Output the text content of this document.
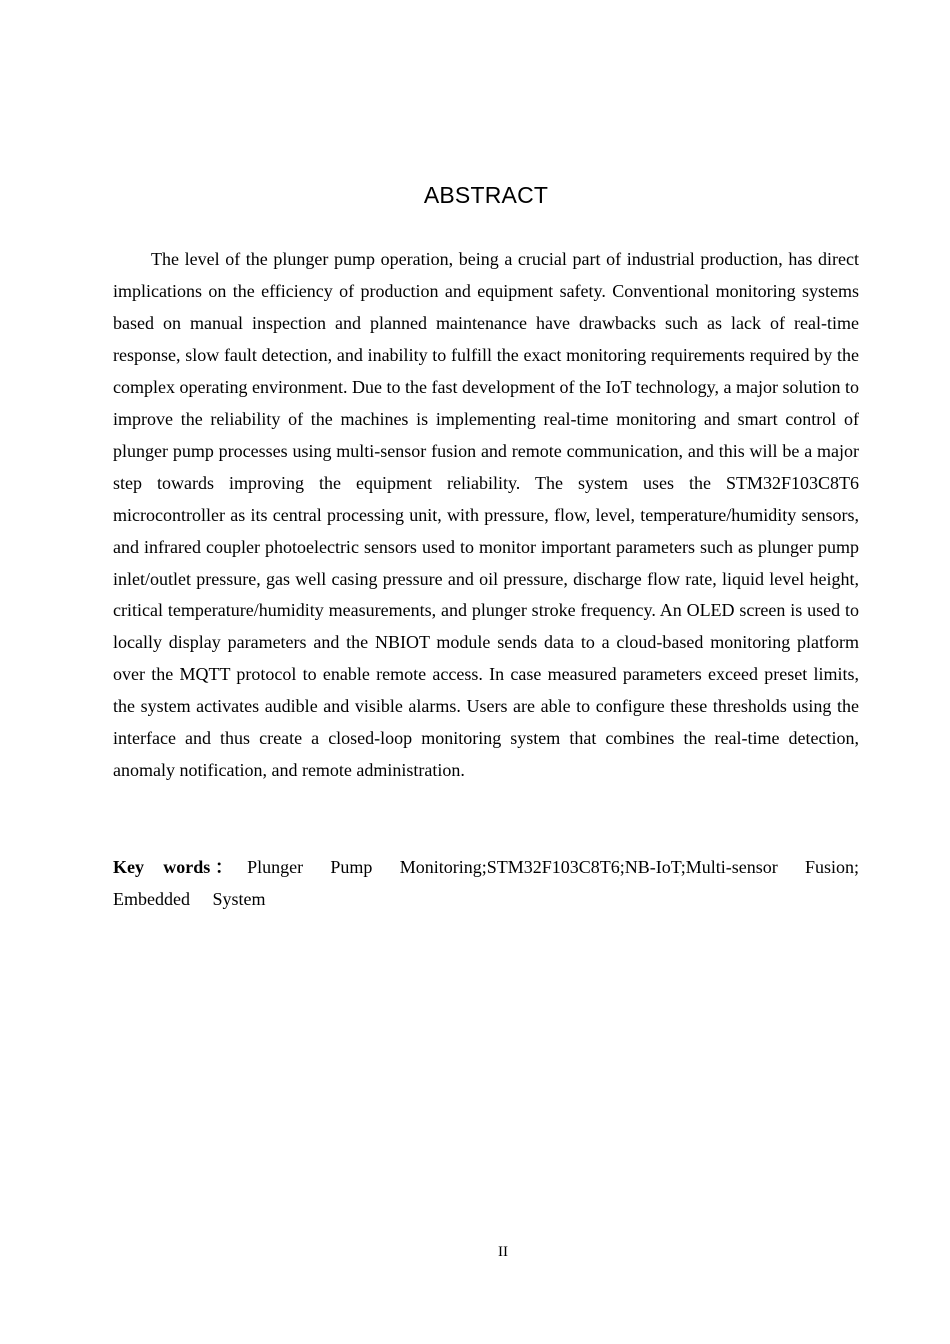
ABSTRACT

The level of the plunger pump operation, being a crucial part of industrial production, has direct implications on the efficiency of production and equipment safety. Conventional monitoring systems based on manual inspection and planned maintenance have drawbacks such as lack of real-time response, slow fault detection, and inability to fulfill the exact monitoring requirements required by the complex operating environment. Due to the fast development of the IoT technology, a major solution to improve the reliability of the machines is implementing real-time monitoring and smart control of plunger pump processes using multi-sensor fusion and remote communication, and this will be a major step towards improving the equipment reliability. The system uses the STM32F103C8T6 microcontroller as its central processing unit, with pressure, flow, level, temperature/humidity sensors, and infrared coupler photoelectric sensors used to monitor important parameters such as plunger pump inlet/outlet pressure, gas well casing pressure and oil pressure, discharge flow rate, liquid level height, critical temperature/humidity measurements, and plunger stroke frequency. An OLED screen is used to locally display parameters and the NBIOT module sends data to a cloud-based monitoring platform over the MQTT protocol to enable remote access. In case measured parameters exceed preset limits, the system activates audible and visible alarms. Users are able to configure these thresholds using the interface and thus create a closed-loop monitoring system that combines the real-time detection, anomaly notification, and remote administration.

Key words： Plunger Pump Monitoring;STM32F103C8T6;NB-IoT;Multi-sensor Fusion; Embedded System

II
